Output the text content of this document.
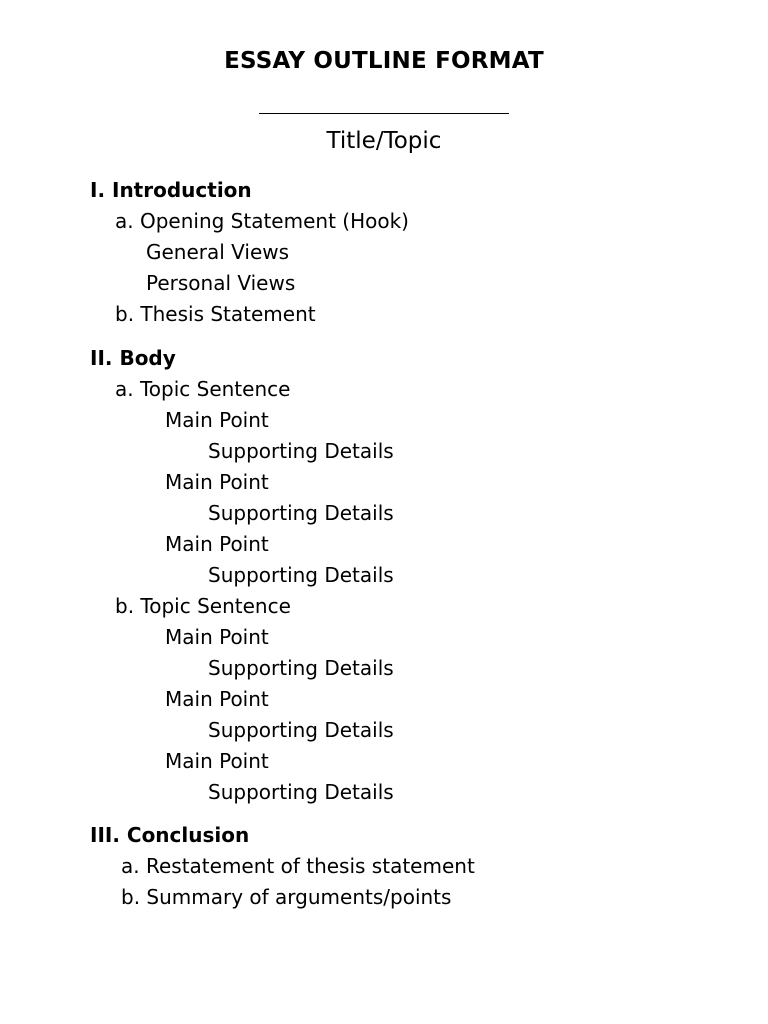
ESSAY OUTLINE FORMAT
Title/Topic
I. Introduction
a. Opening Statement (Hook)
General Views
Personal Views
b. Thesis Statement
II. Body
a. Topic Sentence
Main Point
Supporting Details
Main Point
Supporting Details
Main Point
Supporting Details
b. Topic Sentence
Main Point
Supporting Details
Main Point
Supporting Details
Main Point
Supporting Details
III. Conclusion
a. Restatement of thesis statement
b. Summary of arguments/points
